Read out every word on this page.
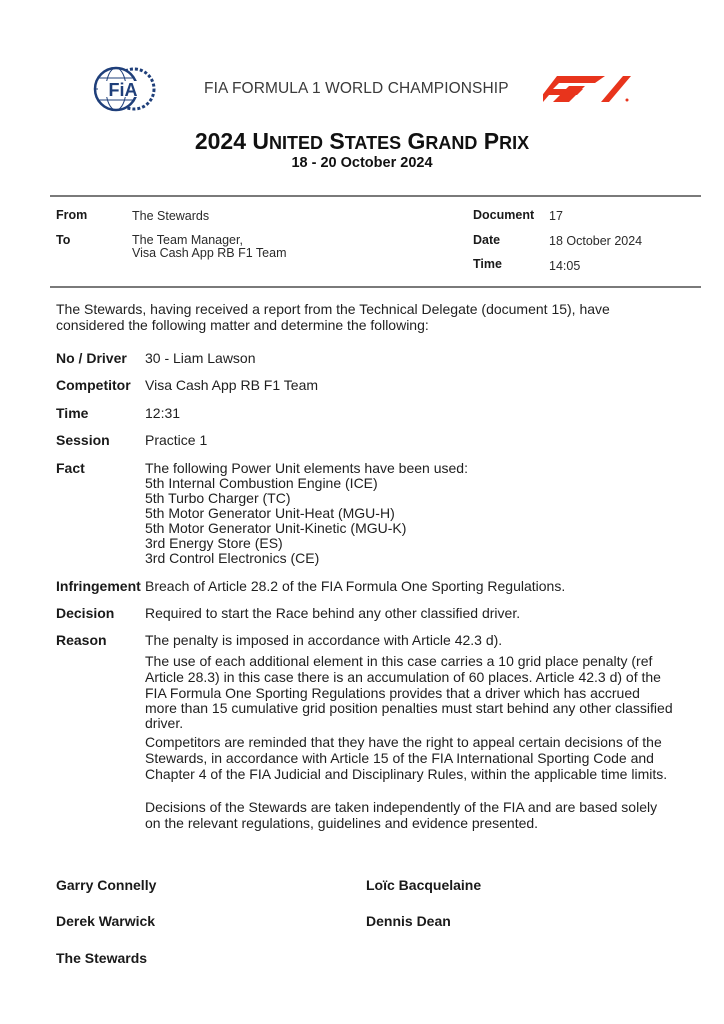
FiA	FIA FORMULA 1 WORLD CHAMPIONSHIP
2024 UNITED STATES GRAND PRIX
18 - 20 October 2024
From	The Stewards
To	The Team Manager,
Visa Cash App RB F1 Team
Document 17
Date	18 October 2024
Time	14:05
The Stewards, having received a report from the Technical Delegate (document 15), have
considered the following matter and determine the following:
No / Driver 30 - Liam Lawson
Competitor Visa Cash App RB F1 Team
Time	12:31
Session	Practice 1
Fact	The following Power Unit elements have been used:
5th Internal Combustion Engine (ICE)
5th Turbo Charger (TC)
5th Motor Generator Unit-Heat (MGU-H)
5th Motor Generator Unit-Kinetic (MGU-K)
3rd Energy Store (ES)
3rd Control Electronics (CE)
Infringement Breach of Article 28.2 of the FIA Formula One Sporting Regulations.
Decision Required to start the Race behind any other classified driver.
Reason	The penalty is imposed in accordance with Article 42.3 d).
The use of each additional element in this case carries a 10 grid place penalty (ref
Article 28.3) in this case there is an accumulation of 60 places. Article 42.3 d) of the
FIA Formula One Sporting Regulations provides that a driver which has accrued
more than 15 cumulative grid position penalties must start behind any other classified
driver.
Competitors are reminded that they have the right to appeal certain decisions of the
Stewards, in accordance with Article 15 of the FIA International Sporting Code and
Chapter 4 of the FIA Judicial and Disciplinary Rules, within the applicable time limits.
Decisions of the Stewards are taken independently of the FIA and are based solely
on the relevant regulations, guidelines and evidence presented.
Garry Connelly	Loïc Bacquelaine
Derek Warwick	Dennis Dean
The Stewards
